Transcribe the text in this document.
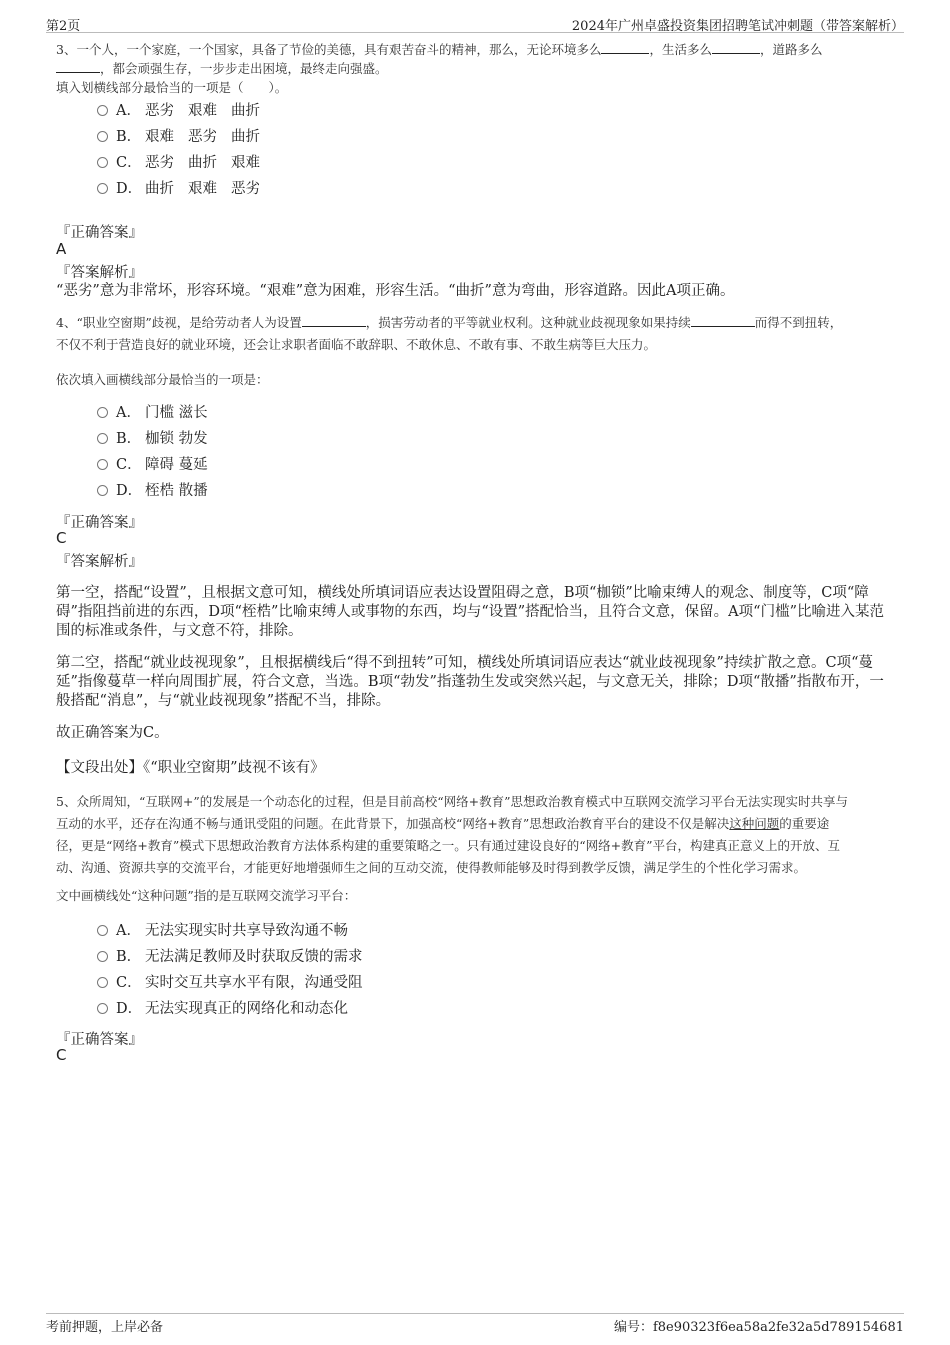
第2页	2024年广州卓盛投资集团招聘笔试冲刺题（带答案解析）
3、一个人，一个家庭，一个国家，具备了节俭的美德，具有艰苦奋斗的精神，那么，无论环境多么	，生活多么	，道路多么
，都会顽强生存，一步步走出困境，最终走向强盛。
填入划横线部分最恰当的一项是（　　）。
A． 恶劣 艰难 曲折
B． 艰难 恶劣 曲折
C． 恶劣 曲折 艰难
D． 曲折 艰难 恶劣
『正确答案』
A
『答案解析』
“恶劣”意为非常坏，形容环境。“艰难”意为困难，形容生活。“曲折”意为弯曲，形容道路。因此A项正确。
4、“职业空窗期”歧视，是给劳动者人为设置	，损害劳动者的平等就业权利。这种就业歧视现象如果持续	而得不到扭转，
不仅不利于营造良好的就业环境，还会让求职者面临不敢辞职、不敢休息、不敢有事、不敢生病等巨大压力。
依次填入画横线部分最恰当的一项是：
A． 门槛 滋长
B． 枷锁 勃发
C． 障碍 蔓延
D． 桎梏 散播
『正确答案』
C
『答案解析』
第一空，搭配“设置”，且根据文意可知，横线处所填词语应表达设置阻碍之意，B项“枷锁”比喻束缚人的观念、制度等，C项“障碍”指阻挡前进的东西，D项“桎梏”比喻束缚人或事物的东西，均与“设置”搭配恰当，且符合文意，保留。A项“门槛”比喻进入某范围的标准或条件，与文意不符，排除。
第二空，搭配“就业歧视现象”，且根据横线后“得不到扭转”可知，横线处所填词语应表达“就业歧视现象”持续扩散之意。C项“蔓延”指像蔓草一样向周围扩展，符合文意，当选。B项“勃发”指蓬勃生发或突然兴起，与文意无关，排除；D项“散播”指散布开，一般搭配“消息”，与“就业歧视现象”搭配不当，排除。
故正确答案为C。
【文段出处】《“职业空窗期”歧视不该有》
5、众所周知，“互联网+”的发展是一个动态化的过程，但是目前高校“网络+教育”思想政治教育模式中互联网交流学习平台无法实现实时共享与
互动的水平，还存在沟通不畅与通讯受阻的问题。在此背景下，加强高校“网络+教育”思想政治教育平台的建设不仅是解决这种问题的重要途
径，更是“网络+教育”模式下思想政治教育方法体系构建的重要策略之一。只有通过建设良好的“网络+教育”平台，构建真正意义上的开放、互
动、沟通、资源共享的交流平台，才能更好地增强师生之间的互动交流，使得教师能够及时得到教学反馈，满足学生的个性化学习需求。
文中画横线处“这种问题”指的是互联网交流学习平台：
A． 无法实现实时共享导致沟通不畅
B． 无法满足教师及时获取反馈的需求
C． 实时交互共享水平有限，沟通受阻
D． 无法实现真正的网络化和动态化
『正确答案』
C
考前押题，上岸必备	编号：f8e90323f6ea58a2fe32a5d789154681
